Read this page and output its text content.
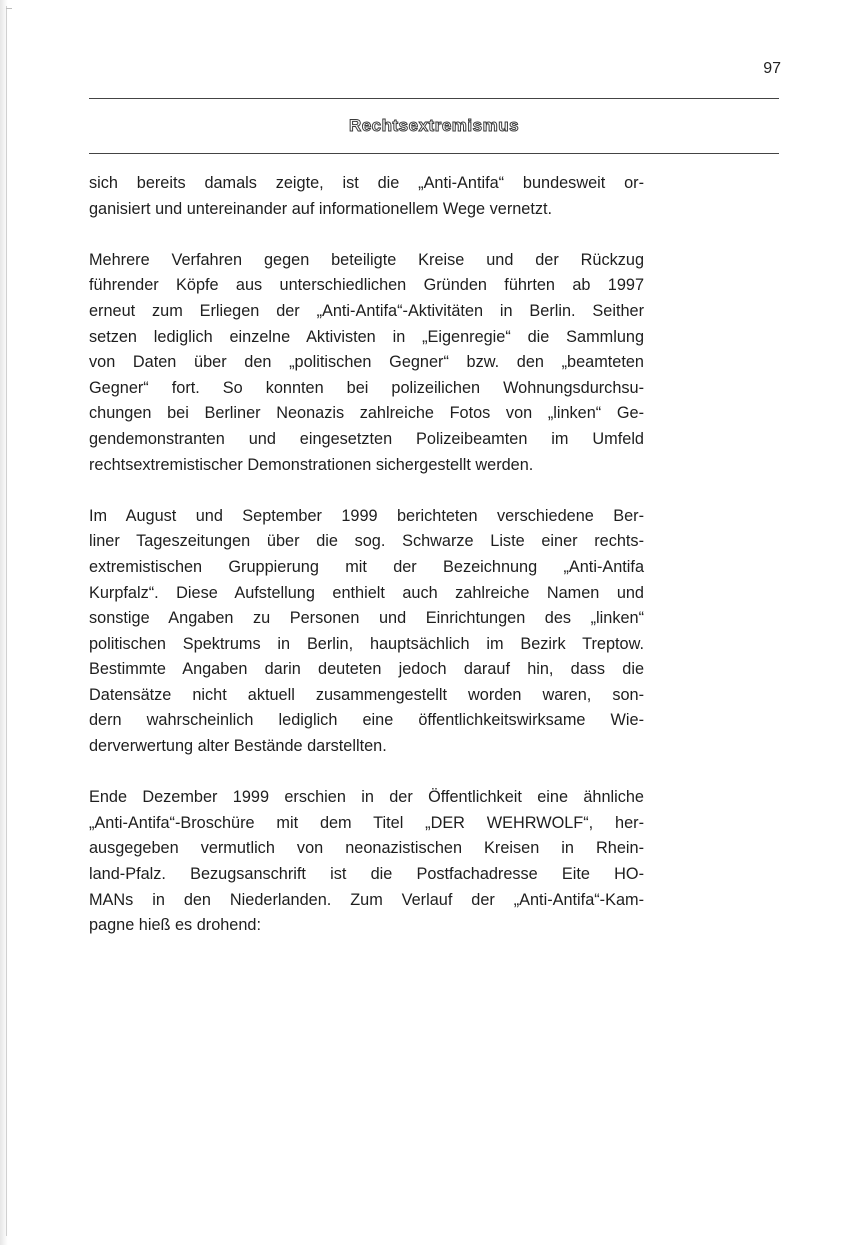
97
Rechtsextremismus

sich bereits damals zeigte, ist die „Anti-Antifa“ bundesweit or-
ganisiert und untereinander auf informationellem Wege vernetzt.

Mehrere Verfahren gegen beteiligte Kreise und der Rückzug
führender Köpfe aus unterschiedlichen Gründen führten ab 1997
erneut zum Erliegen der „Anti-Antifa“-Aktivitäten in Berlin. Seither
setzen lediglich einzelne Aktivisten in „Eigenregie“ die Sammlung
von Daten über den „politischen Gegner“ bzw. den „beamteten
Gegner“ fort. So konnten bei polizeilichen Wohnungsdurchsu-
chungen bei Berliner Neonazis zahlreiche Fotos von „linken“ Ge-
gendemonstranten und eingesetzten Polizeibeamten im Umfeld
rechtsextremistischer Demonstrationen sichergestellt werden.

Im August und September 1999 berichteten verschiedene Ber-
liner Tageszeitungen über die sog. Schwarze Liste einer rechts-
extremistischen Gruppierung mit der Bezeichnung „Anti-Antifa
Kurpfalz“. Diese Aufstellung enthielt auch zahlreiche Namen und
sonstige Angaben zu Personen und Einrichtungen des „linken“
politischen Spektrums in Berlin, hauptsächlich im Bezirk Treptow.
Bestimmte Angaben darin deuteten jedoch darauf hin, dass die
Datensätze nicht aktuell zusammengestellt worden waren, son-
dern wahrscheinlich lediglich eine öffentlichkeitswirksame Wie-
derverwertung alter Bestände darstellten.

Ende Dezember 1999 erschien in der Öffentlichkeit eine ähnliche
„Anti-Antifa“-Broschüre mit dem Titel „DER WEHRWOLF“, her-
ausgegeben vermutlich von neonazistischen Kreisen in Rhein-
land-Pfalz. Bezugsanschrift ist die Postfachadresse Eite HO-
MANs in den Niederlanden. Zum Verlauf der „Anti-Antifa“-Kam-
pagne hieß es drohend:
